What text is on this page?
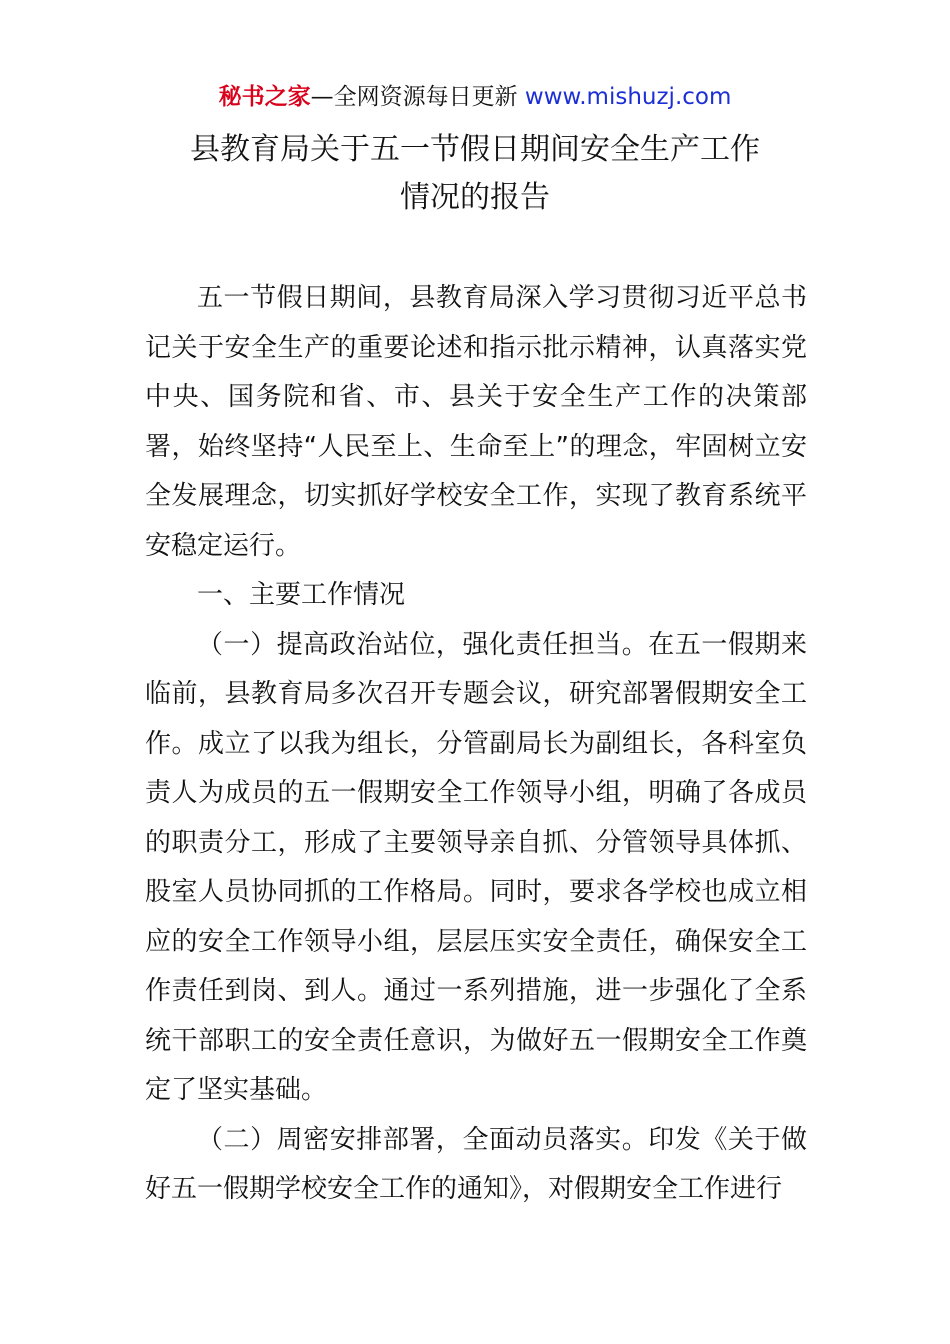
秘书之家—全网资源每日更新 www.mishuzj.com
县教育局关于五一节假日期间安全生产工作
情况的报告

五一节假日期间，县教育局深入学习贯彻习近平总书记关于安全生产的重要论述和指示批示精神，认真落实党中央、国务院和省、市、县关于安全生产工作的决策部署，始终坚持“人民至上、生命至上”的理念，牢固树立安全发展理念，切实抓好学校安全工作，实现了教育系统平安稳定运行。

一、主要工作情况

（一）提高政治站位，强化责任担当。在五一假期来临前，县教育局多次召开专题会议，研究部署假期安全工作。成立了以我为组长，分管副局长为副组长，各科室负责人为成员的五一假期安全工作领导小组，明确了各成员的职责分工，形成了主要领导亲自抓、分管领导具体抓、股室人员协同抓的工作格局。同时，要求各学校也成立相应的安全工作领导小组，层层压实安全责任，确保安全工作责任到岗、到人。通过一系列措施，进一步强化了全系统干部职工的安全责任意识，为做好五一假期安全工作奠定了坚实基础。

（二）周密安排部署，全面动员落实。印发《关于做好五一假期学校安全工作的通知》，对假期安全工作进行
